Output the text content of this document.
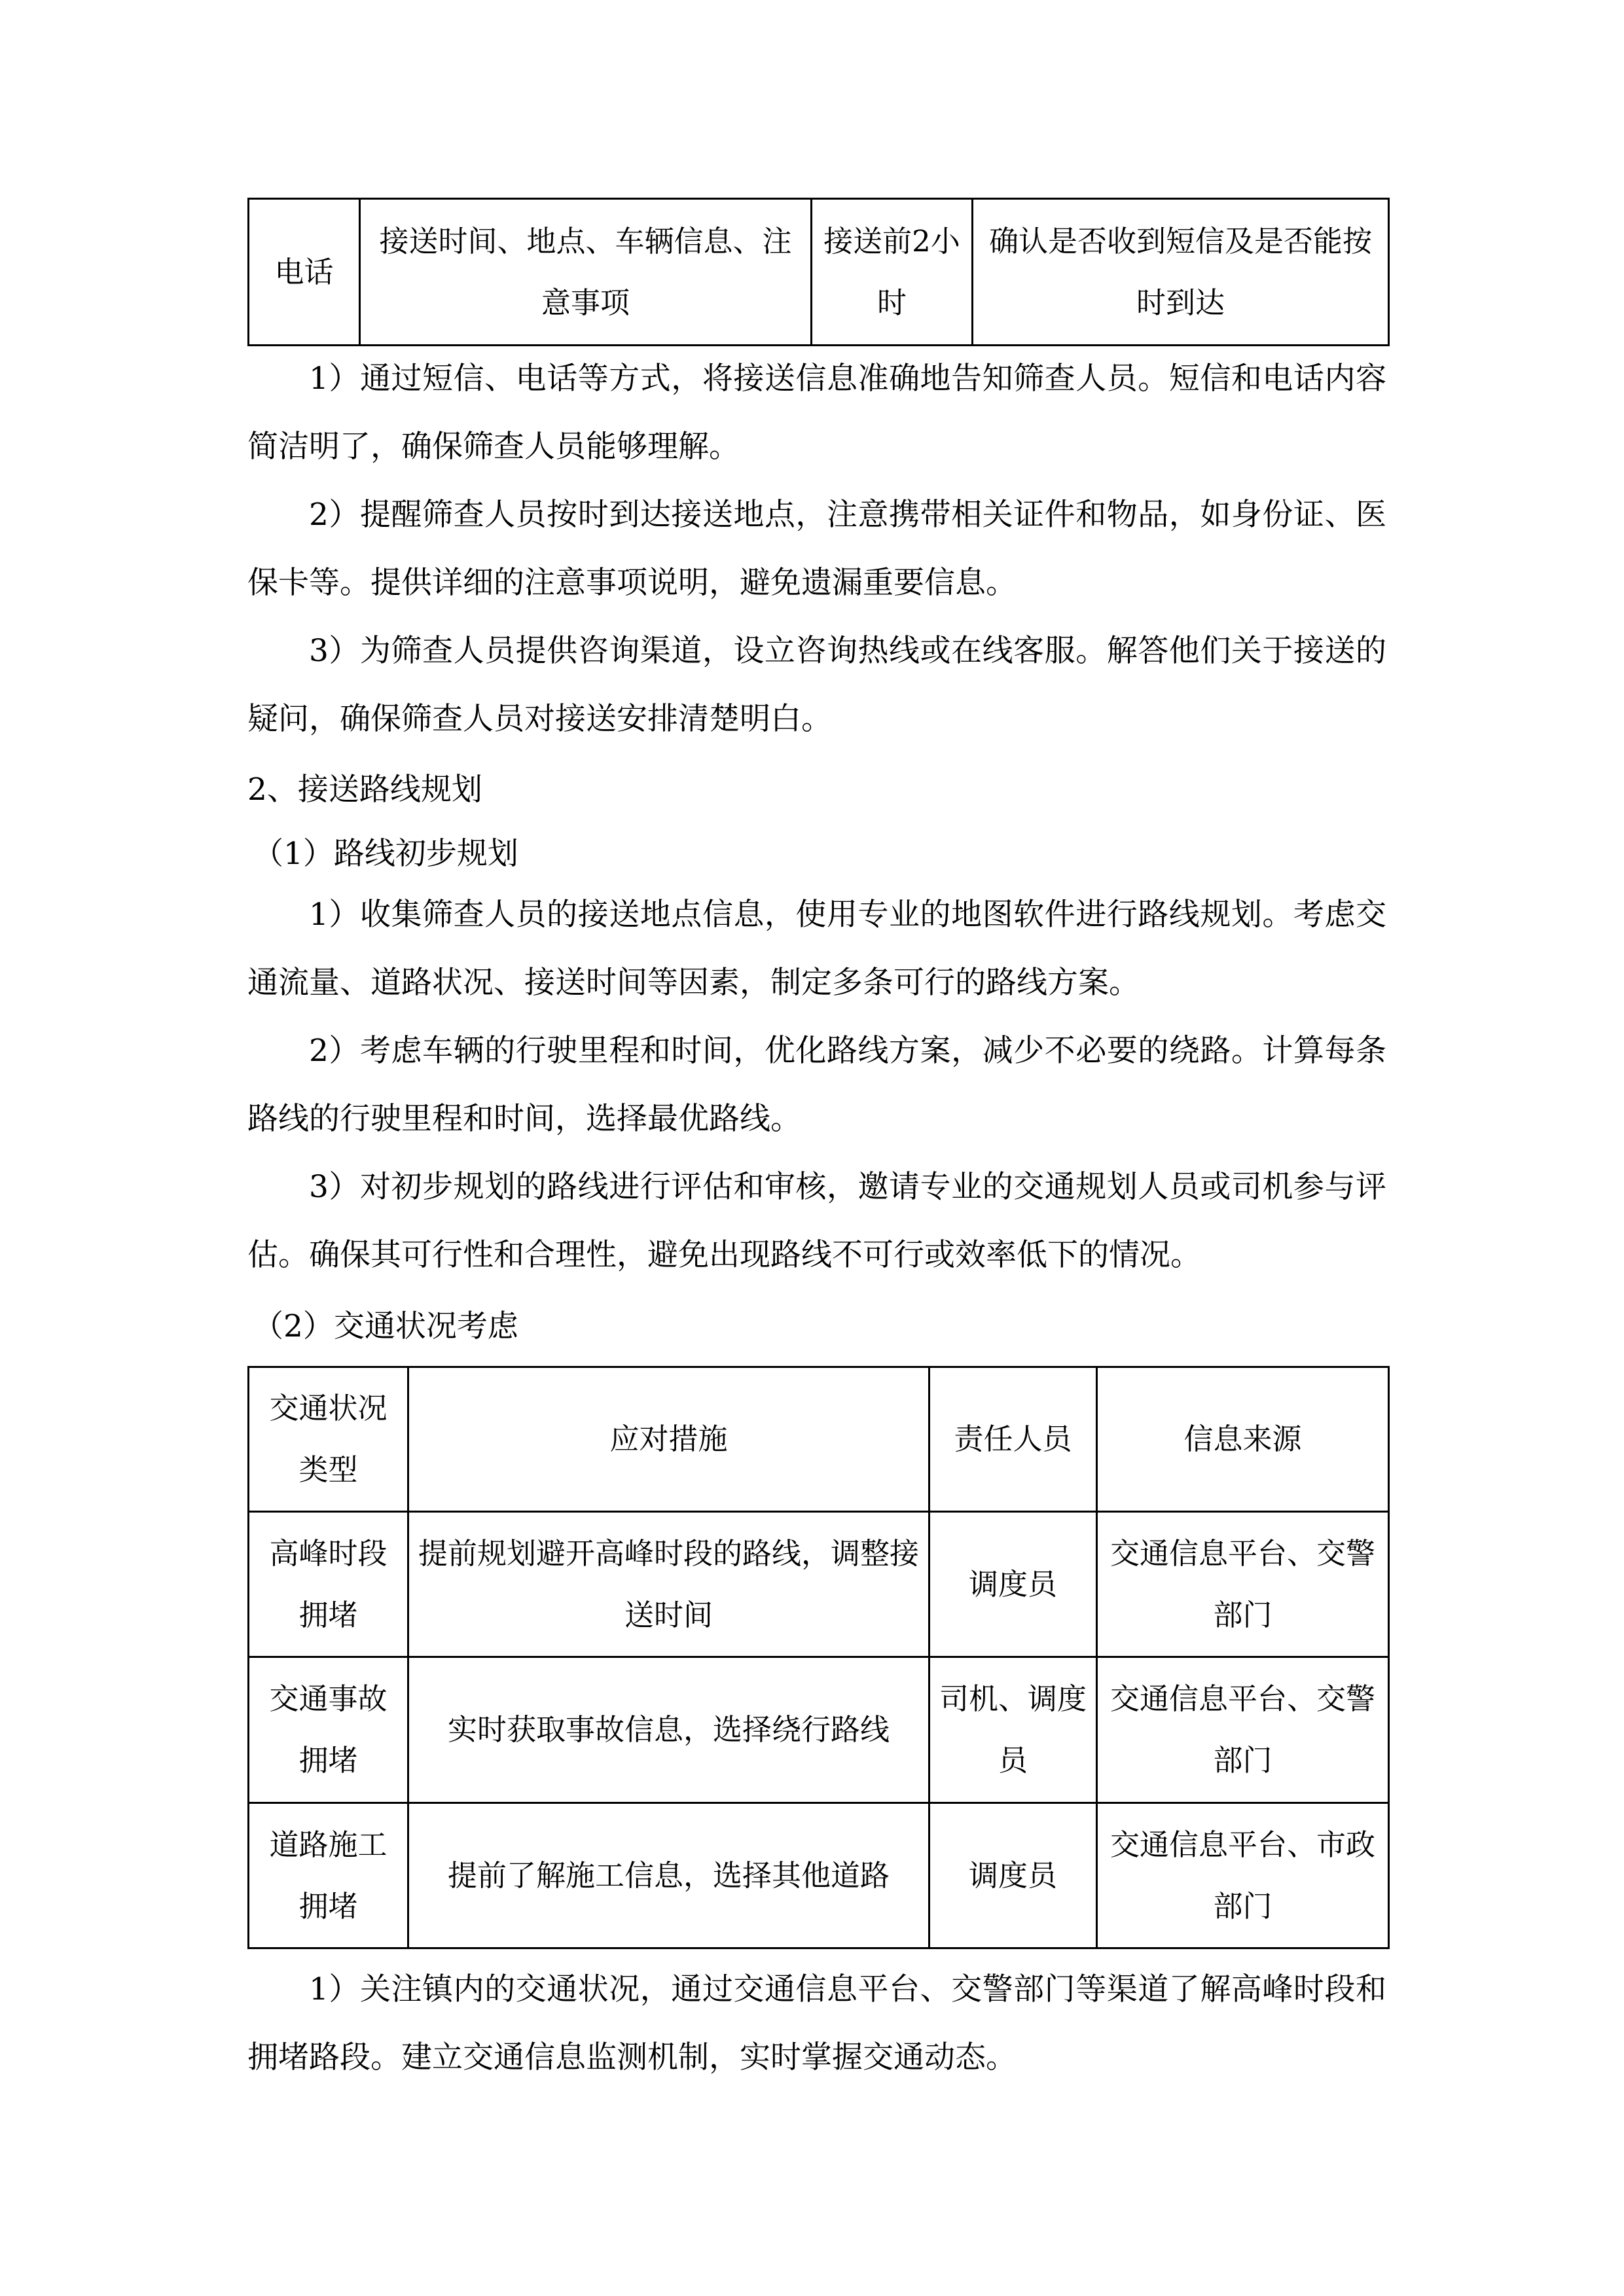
电话	接送时间、地点、车辆信息、注意事项	接送前2小时	确认是否收到短信及是否能按时到达

1）通过短信、电话等方式，将接送信息准确地告知筛查人员。短信和电话内容简洁明了，确保筛查人员能够理解。

2）提醒筛查人员按时到达接送地点，注意携带相关证件和物品，如身份证、医保卡等。提供详细的注意事项说明，避免遗漏重要信息。

3）为筛查人员提供咨询渠道，设立咨询热线或在线客服。解答他们关于接送的疑问，确保筛查人员对接送安排清楚明白。

2、接送路线规划

（1）路线初步规划

1）收集筛查人员的接送地点信息，使用专业的地图软件进行路线规划。考虑交通流量、道路状况、接送时间等因素，制定多条可行的路线方案。

2）考虑车辆的行驶里程和时间，优化路线方案，减少不必要的绕路。计算每条路线的行驶里程和时间，选择最优路线。

3）对初步规划的路线进行评估和审核，邀请专业的交通规划人员或司机参与评估。确保其可行性和合理性，避免出现路线不可行或效率低下的情况。

（2）交通状况考虑

交通状况类型	应对措施	责任人员	信息来源
高峰时段拥堵	提前规划避开高峰时段的路线，调整接送时间	调度员	交通信息平台、交警部门
交通事故拥堵	实时获取事故信息，选择绕行路线	司机、调度员	交通信息平台、交警部门
道路施工拥堵	提前了解施工信息，选择其他道路	调度员	交通信息平台、市政部门

1）关注镇内的交通状况，通过交通信息平台、交警部门等渠道了解高峰时段和拥堵路段。建立交通信息监测机制，实时掌握交通动态。
